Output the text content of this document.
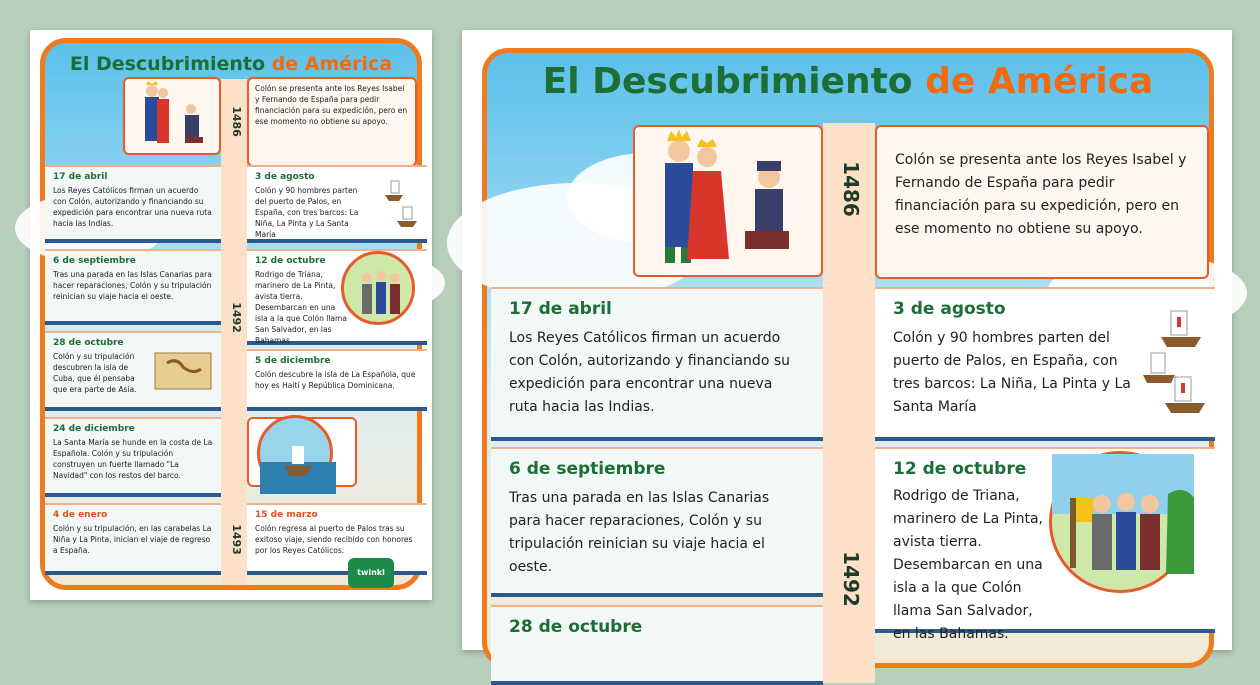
El Descubrimiento de América
1486
1492
1493
Colón se presenta ante los Reyes Isabel y Fernando de España para pedir financiación para su expedición, pero en ese momento no obtiene su apoyo.
17 de abril
Los Reyes Católicos firman un acuerdo con Colón, autorizando y financiando su expedición para encontrar una nueva ruta hacia las Indias.
3 de agosto
Colón y 90 hombres parten del puerto de Palos, en España, con tres barcos: La Niña, La Pinta y La Santa María
6 de septiembre
Tras una parada en las Islas Canarias para hacer reparaciones, Colón y su tripulación reinician su viaje hacia el oeste.
12 de octubre
Rodrigo de Triana, marinero de La Pinta, avista tierra. Desembarcan en una isla a la que Colón llama San Salvador, en las Bahamas.
28 de octubre
Colón y su tripulación descubren la isla de Cuba, que él pensaba que era parte de Asia.
5 de diciembre
Colón descubre la isla de La Española, que hoy es Haití y República Dominicana.
24 de diciembre
La Santa María se hunde en la costa de La Española. Colón y su tripulación construyen un fuerte llamado "La Navidad" con los restos del barco.
4 de enero
Colón y su tripulación, en las carabelas La Niña y La Pinta, inician el viaje de regreso a España.
15 de marzo
Colón regresa al puerto de Palos tras su exitoso viaje, siendo recibido con honores por los Reyes Católicos.
twinkl
El Descubrimiento de América
1486
1492
Colón se presenta ante los Reyes Isabel y Fernando de España para pedir financiación para su expedición, pero en ese momento no obtiene su apoyo.
17 de abril
Los Reyes Católicos firman un acuerdo con Colón, autorizando y financiando su expedición para encontrar una nueva ruta hacia las Indias.
3 de agosto
Colón y 90 hombres parten del puerto de Palos, en España, con tres barcos: La Niña, La Pinta y La Santa María
6 de septiembre
Tras una parada en las Islas Canarias para hacer reparaciones, Colón y su tripulación reinician su viaje hacia el oeste.
12 de octubre
Rodrigo de Triana, marinero de La Pinta, avista tierra. Desembarcan en una isla a la que Colón llama San Salvador, en las Bahamas.
28 de octubre
